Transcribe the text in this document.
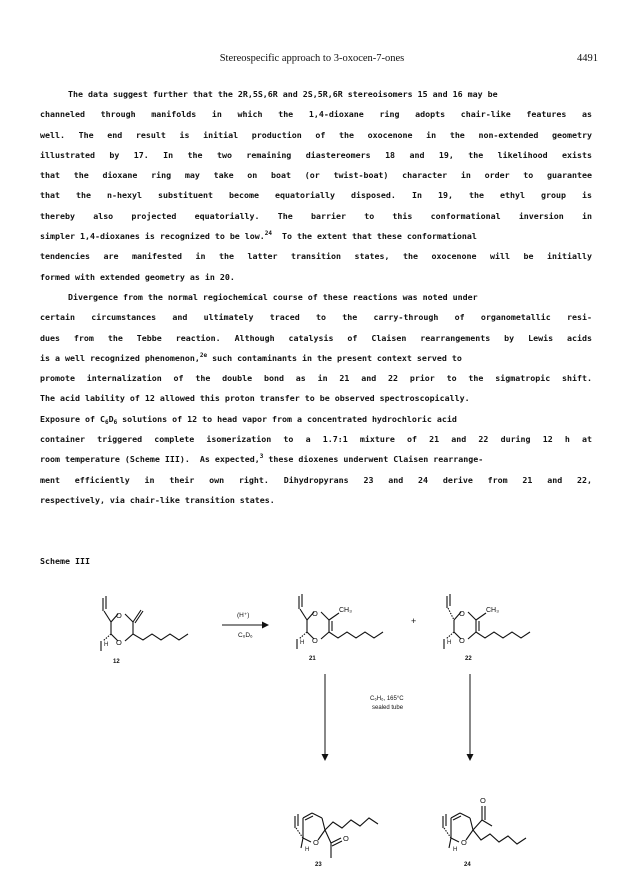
Stereospecific approach to 3-oxocen-7-ones	4491
The data suggest further that the 2R,5S,6R and 2S,5R,6R stereoisomers 15 and 16 may be
channeled through manifolds in which the 1,4-dioxane ring adopts chair-like features as
well. The end result is initial production of the oxocenone in the non-extended geometry
illustrated by 17. In the two remaining diastereomers 18 and 19, the likelihood exists
that the dioxane ring may take on boat (or twist-boat) character in order to guarantee
that the n-hexyl substituent become equatorially disposed. In 19, the ethyl group is
thereby also projected equatorially. The barrier to this conformational inversion in
simpler 1,4-dioxanes is recognized to be low.$^{24}$  To the extent that these conformational
tendencies are manifested in the latter transition states, the oxocenone will be initially
formed with extended geometry as in 20.
Divergence from the normal regiochemical course of these reactions was noted under
certain circumstances and ultimately traced to the carry-through of organometallic resi-
dues from the Tebbe reaction. Although catalysis of Claisen rearrangements by Lewis acids
is a well recognized phenomenon,$^{2e}$ such contaminants in the present context served to
promote internalization of the double bond as in 21 and 22 prior to the sigmatropic shift.
The acid lability of 12 allowed this proton transfer to be observed spectroscopically.
Exposure of $C_6D_6$ solutions of 12 to head vapor from a concentrated hydrochloric acid
container triggered complete isomerization to a 1.7:1 mixture of 21 and 22 during 12 h at
room temperature (Scheme III).  As expected,$^3$ these dioxenes underwent Claisen rearrange-
ment efficiently in their own right. Dihydropyrans 23 and 24 derive from 21 and 22,
respectively, via chair-like transition states.
Scheme III
O
O
H
12
(H⁺)
C₆D₆
O
O
CH₃
H
21
+
O
O
CH₃
H
22
C₆H₆, 165°C
sealed tube
O	O
H
23
O
O
H
24
